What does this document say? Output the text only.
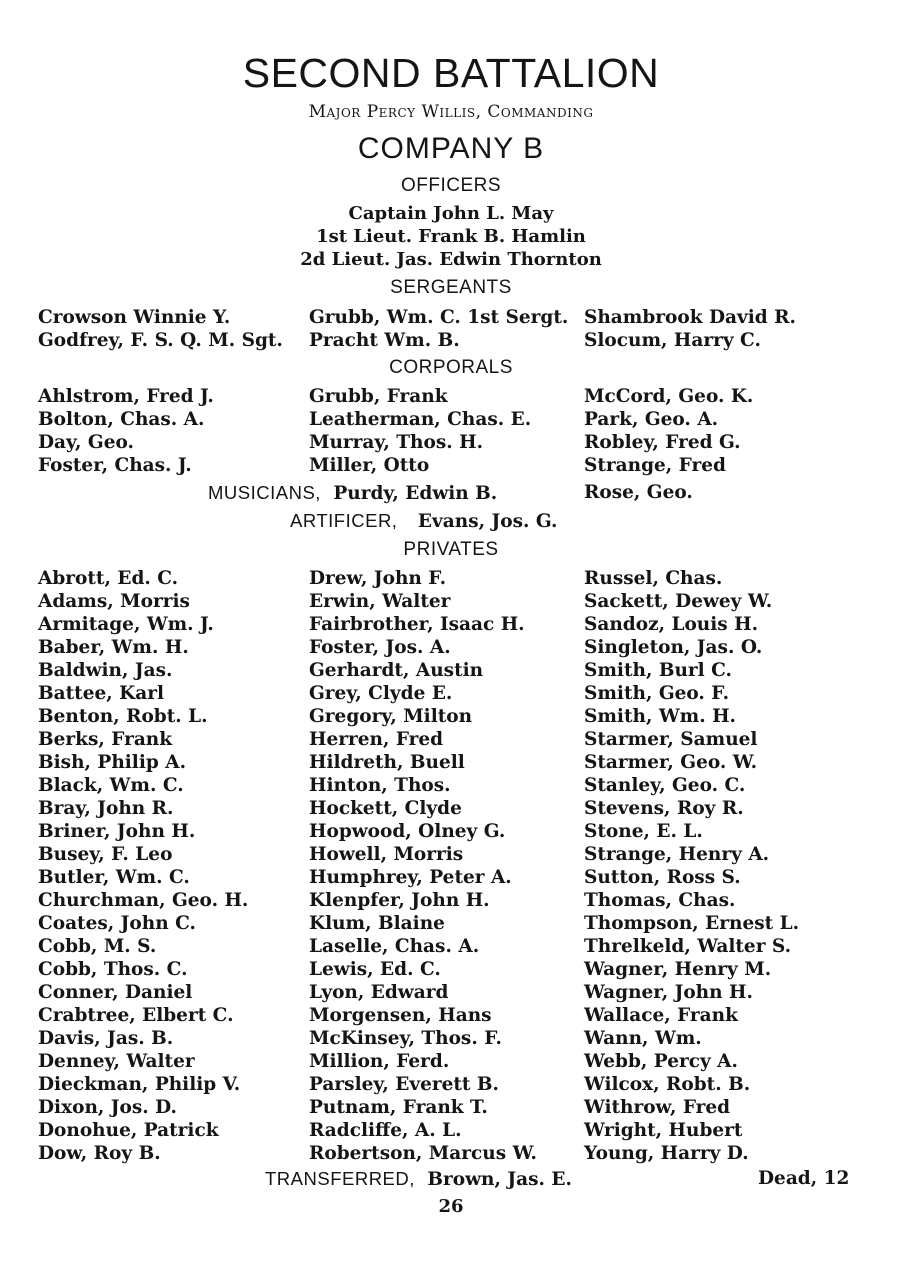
SECOND BATTALION
Major Percy Willis, Commanding
COMPANY B
OFFICERS
Captain John L. May
1st Lieut. Frank B. Hamlin
2d Lieut. Jas. Edwin Thornton
SERGEANTS
Crowson Winnie Y.
Godfrey, F. S. Q. M. Sgt.
Grubb, Wm. C. 1st Sergt.
Pracht Wm. B.
Shambrook David R.
Slocum, Harry C.
CORPORALS
Ahlstrom, Fred J.
Bolton, Chas. A.
Day, Geo.
Foster, Chas. J.
Grubb, Frank
Leatherman, Chas. E.
Murray, Thos. H.
Miller, Otto
McCord, Geo. K.
Park, Geo. A.
Robley, Fred G.
Strange, Fred
MUSICIANS, Purdy, Edwin B.	Rose, Geo.
ARTIFICER, Evans, Jos. G.
PRIVATES
Abrott, Ed. C.
Adams, Morris
Armitage, Wm. J.
Baber, Wm. H.
Baldwin, Jas.
Battee, Karl
Benton, Robt. L.
Berks, Frank
Bish, Philip A.
Black, Wm. C.
Bray, John R.
Briner, John H.
Busey, F. Leo
Butler, Wm. C.
Churchman, Geo. H.
Coates, John C.
Cobb, M. S.
Cobb, Thos. C.
Conner, Daniel
Crabtree, Elbert C.
Davis, Jas. B.
Denney, Walter
Dieckman, Philip V.
Dixon, Jos. D.
Donohue, Patrick
Dow, Roy B.
Drew, John F.
Erwin, Walter
Fairbrother, Isaac H.
Foster, Jos. A.
Gerhardt, Austin
Grey, Clyde E.
Gregory, Milton
Herren, Fred
Hildreth, Buell
Hinton, Thos.
Hockett, Clyde
Hopwood, Olney G.
Howell, Morris
Humphrey, Peter A.
Klenpfer, John H.
Klum, Blaine
Laselle, Chas. A.
Lewis, Ed. C.
Lyon, Edward
Morgensen, Hans
McKinsey, Thos. F.
Million, Ferd.
Parsley, Everett B.
Putnam, Frank T.
Radcliffe, A. L.
Robertson, Marcus W.
Russel, Chas.
Sackett, Dewey W.
Sandoz, Louis H.
Singleton, Jas. O.
Smith, Burl C.
Smith, Geo. F.
Smith, Wm. H.
Starmer, Samuel
Starmer, Geo. W.
Stanley, Geo. C.
Stevens, Roy R.
Stone, E. L.
Strange, Henry A.
Sutton, Ross S.
Thomas, Chas.
Thompson, Ernest L.
Threlkeld, Walter S.
Wagner, Henry M.
Wagner, John H.
Wallace, Frank
Wann, Wm.
Webb, Percy A.
Wilcox, Robt. B.
Withrow, Fred
Wright, Hubert
Young, Harry D.
TRANSFERRED, Brown, Jas. E.	Dead, 12
26
